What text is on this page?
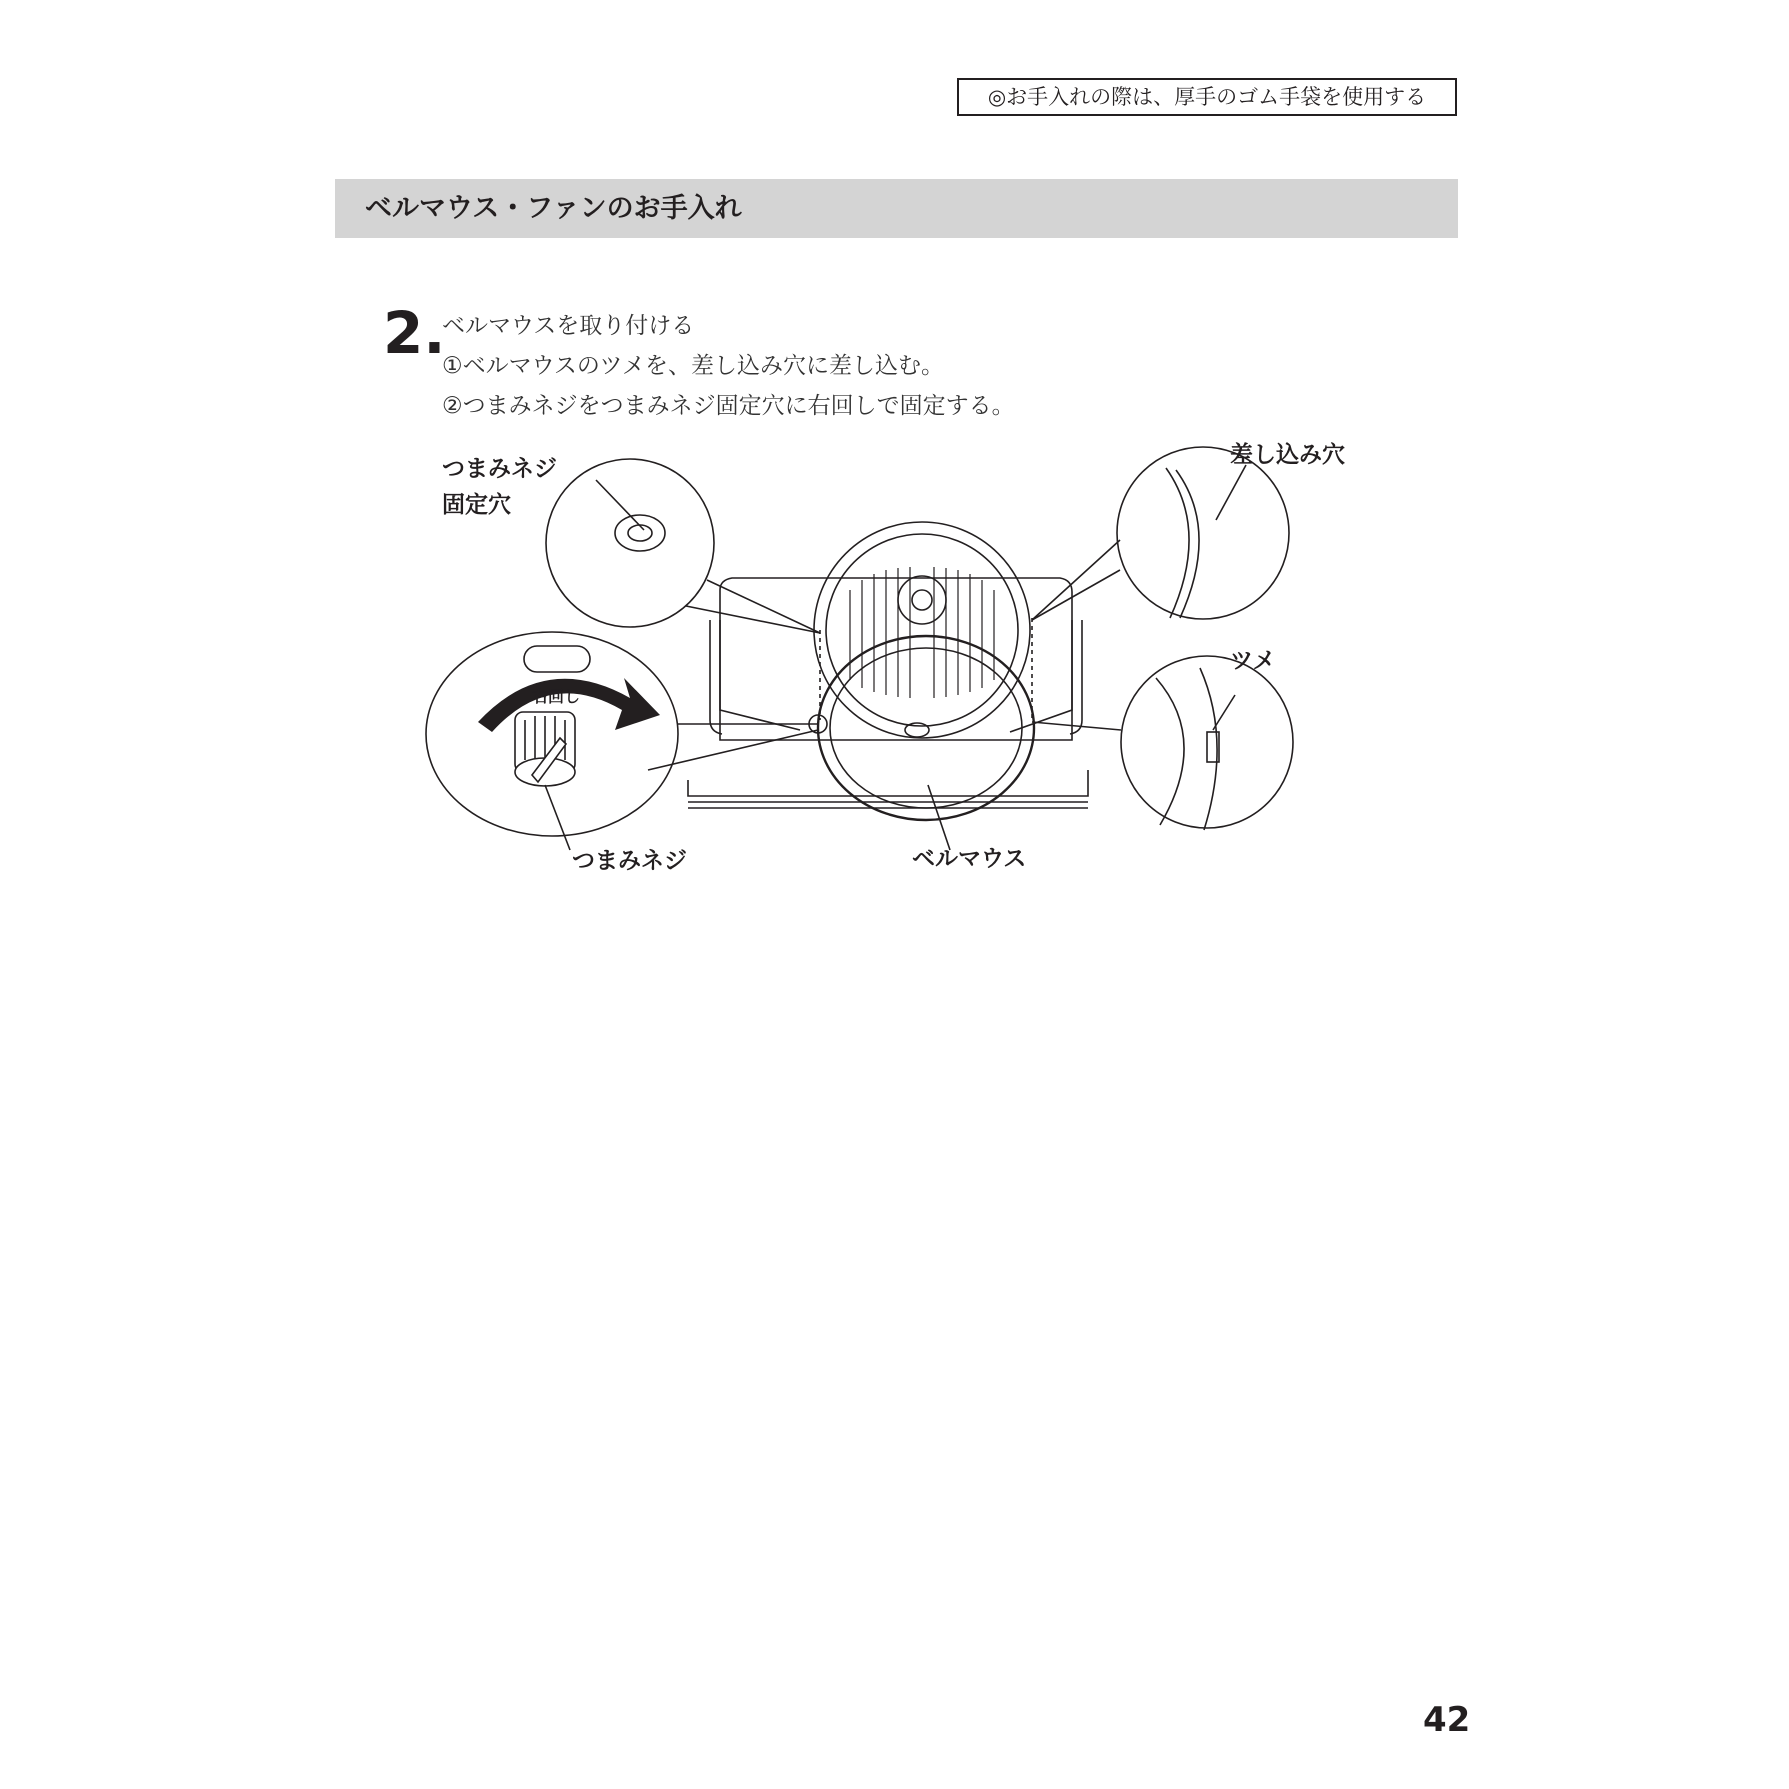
◎お手入れの際は、厚手のゴム手袋を使用する
ベルマウス・ファンのお手入れ
2.
ベルマウスを取り付ける
①ベルマウスのツメを、差し込み穴に差し込む。
②つまみネジをつまみネジ固定穴に右回しで固定する。
つまみネジ
固定穴
差し込み穴
ツメ
右回し
つまみネジ	ベルマウス
42
